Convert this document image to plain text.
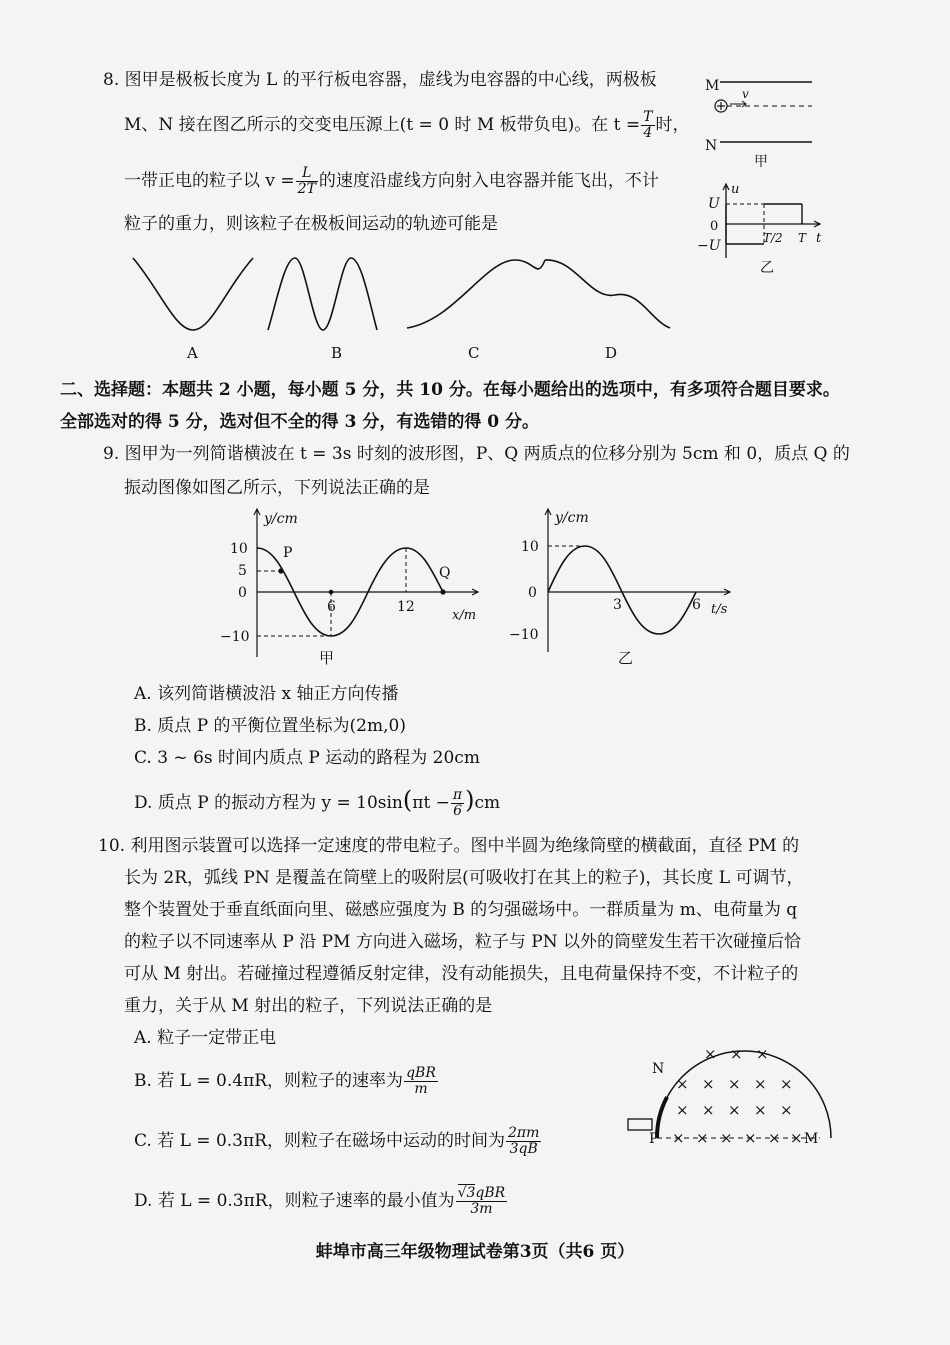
8. 图甲是极板长度为 L 的平行板电容器，虚线为电容器的中心线，两极板
M、N 接在图乙所示的交变电压源上(t = 0 时 M 板带负电)。在 $t = \frac{T}{4}$ 时，
一带正电的粒子以 $v = \frac{L}{2T}$ 的速度沿虚线方向射入电容器并能飞出，不计
粒子的重力，则该粒子在极板间运动的轨迹可能是
M v
N
甲
u
t
U
0
−U	T/2 T
乙
A	B	C	D
二、选择题：本题共 2 小题，每小题 5 分，共 10 分。在每小题给出的选项中，有多项符合题目要求。
全部选对的得 5 分，选对但不全的得 3 分，有选错的得 0 分。
9. 图甲为一列简谐横波在 t = 3s 时刻的波形图，P、Q 两质点的位移分别为 5cm 和 0，质点 Q 的
振动图像如图乙所示，下列说法正确的是
y/cm
x/m
10
5
0
−10
P
6	12
Q
甲
y/cm
t/s
10
0
−10
3	6
乙
A. 该列简谐横波沿 x 轴正方向传播
B. 质点 P 的平衡位置坐标为(2m,0)
C. 3 ~ 6s 时间内质点 P 运动的路程为 20cm
D. 质点 P 的振动方程为 $y = 10\sin(\pi t - \frac{\pi}{6} )cm$
10. 利用图示装置可以选择一定速度的带电粒子。图中半圆为绝缘筒壁的横截面，直径 PM 的
长为 2R，弧线 PN 是覆盖在筒壁上的吸附层(可吸收打在其上的粒子)，其长度 L 可调节，
整个装置处于垂直纸面向里、磁感应强度为 B 的匀强磁场中。一群质量为 m、电荷量为 q
的粒子以不同速率从 P 沿 PM 方向进入磁场，粒子与 PN 以外的筒壁发生若干次碰撞后恰
可从 M 射出。若碰撞过程遵循反射定律，没有动能损失，且电荷量保持不变，不计粒子的
重力，关于从 M 射出的粒子，下列说法正确的是
A. 粒子一定带正电
B. 若 L = 0.4πR，则粒子的速率为 $\frac{\text{qBR}}{m}$
C. 若 L = 0.3πR，则粒子在磁场中运动的时间为 $\frac{2\pi m}{3qB}$
D. 若 L = 0.3πR，则粒子速率的最小值为 $\frac{\text{√3qBR}}{3m}$
N
P	M
× × ×
× × × × ×
× × × × ×
× × × × × ×
蚌埠市高三年级物理试卷第3页（共6 页）
